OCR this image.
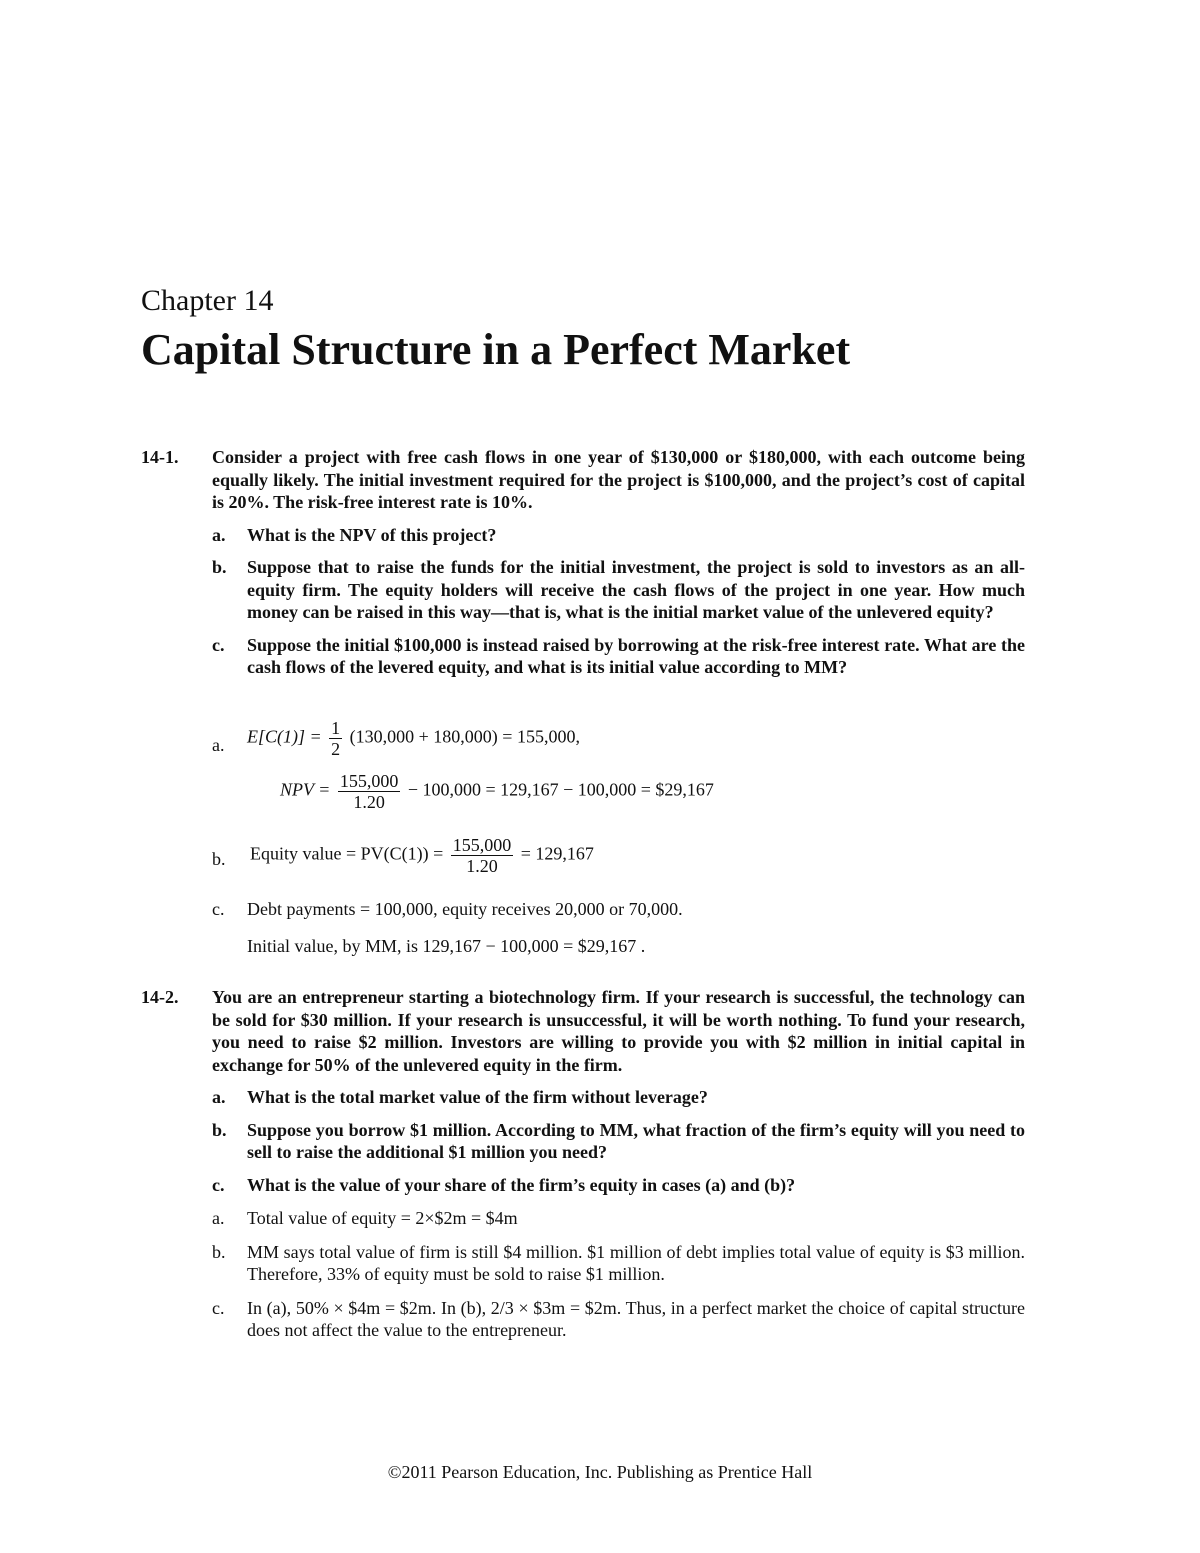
Chapter 14
Capital Structure in a Perfect Market
14-1. Consider a project with free cash flows in one year of $130,000 or $180,000, with each outcome being equally likely. The initial investment required for the project is $100,000, and the project’s cost of capital is 20%. The risk-free interest rate is 10%.
a. What is the NPV of this project?
b. Suppose that to raise the funds for the initial investment, the project is sold to investors as an all-equity firm. The equity holders will receive the cash flows of the project in one year. How much money can be raised in this way—that is, what is the initial market value of the unlevered equity?
c. Suppose the initial $100,000 is instead raised by borrowing at the risk-free interest rate. What are the cash flows of the levered equity, and what is its initial value according to MM?
a. $E[C(1)] = \frac{1}{2} (130,000 + 180,000) = 155,000$,
NPV = $\frac{155,000}{1.20} - 100,000 = 129,167 - 100,000$ = $29,167
b. Equity value = $PV(C(1)) = \frac{155,000}{1.20} = 129,167$
c. Debt payments = 100,000, equity receives 20,000 or 70,000.
Initial value, by MM, is 129,167 − 100,000 = $29,167 .
14-2. You are an entrepreneur starting a biotechnology firm. If your research is successful, the technology can be sold for $30 million. If your research is unsuccessful, it will be worth nothing. To fund your research, you need to raise $2 million. Investors are willing to provide you with $2 million in initial capital in exchange for 50% of the unlevered equity in the firm.
a. What is the total market value of the firm without leverage?
b. Suppose you borrow $1 million. According to MM, what fraction of the firm’s equity will you need to sell to raise the additional $1 million you need?
c. What is the value of your share of the firm’s equity in cases (a) and (b)?
a. Total value of equity = 2×$2m = $4m
b. MM says total value of firm is still $4 million. $1 million of debt implies total value of equity is $3 million. Therefore, 33% of equity must be sold to raise $1 million.
c. In (a), 50% × $4m = $2m. In (b), 2/3 × $3m = $2m. Thus, in a perfect market the choice of capital structure does not affect the value to the entrepreneur.
©2011 Pearson Education, Inc. Publishing as Prentice Hall
